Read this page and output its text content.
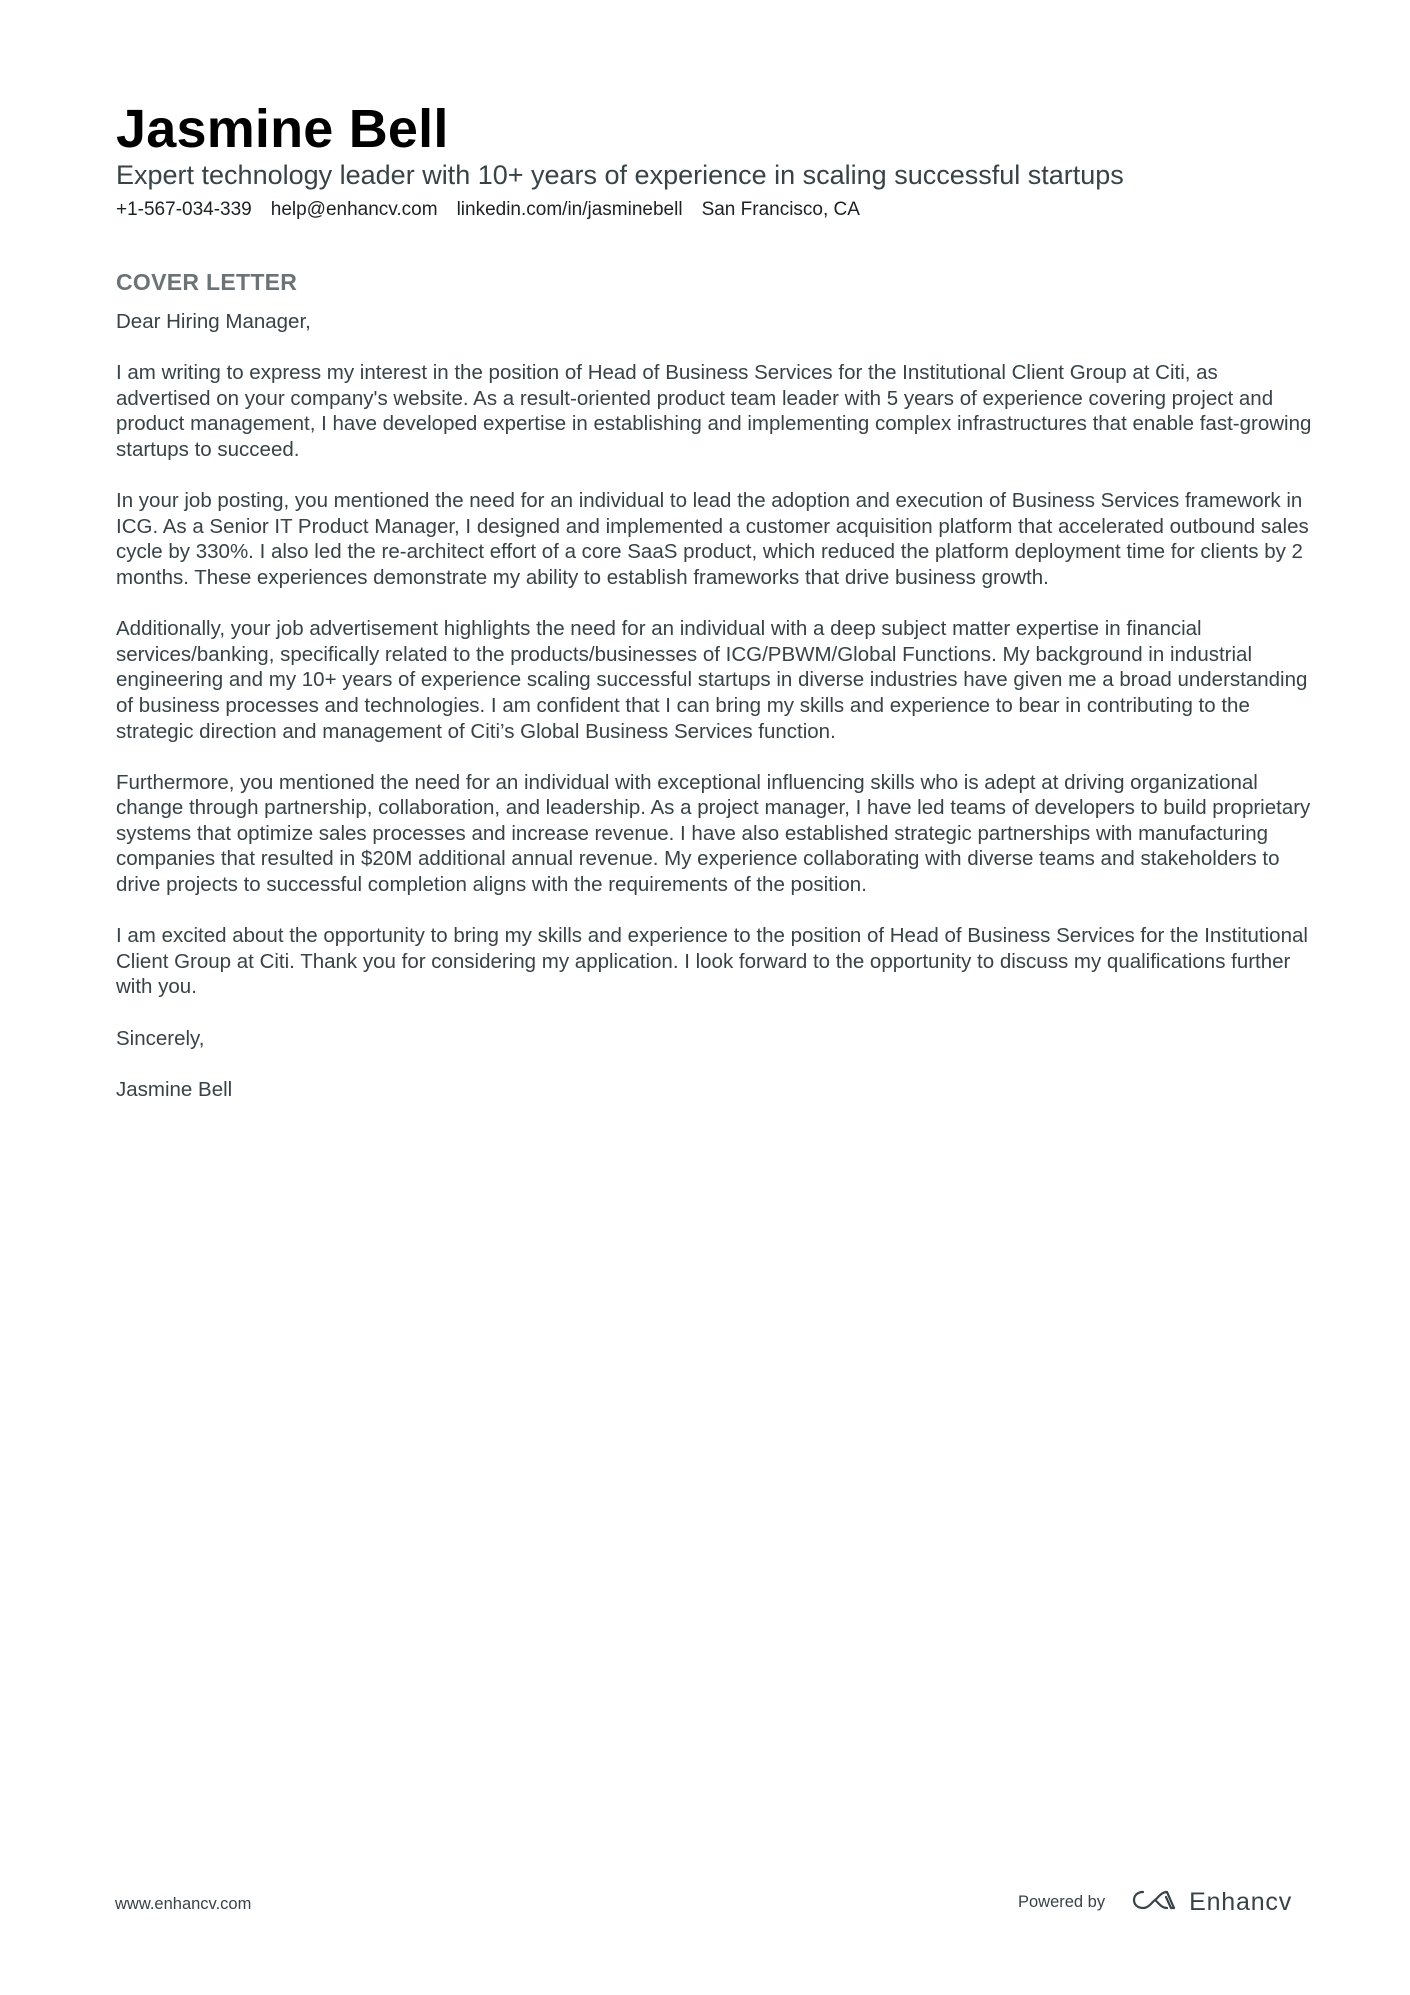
Jasmine Bell

Expert technology leader with 10+ years of experience in scaling successful startups

+1-567-034-339 help@enhancv.com linkedin.com/in/jasminebell San Francisco, CA
COVER LETTER

Dear Hiring Manager,

I am writing to express my interest in the position of Head of Business Services for the Institutional Client Group at Citi, as advertised on your company's website. As a result-oriented product team leader with 5 years of experience covering project and product management, I have developed expertise in establishing and implementing complex infrastructures that enable fast-growing startups to succeed.

In your job posting, you mentioned the need for an individual to lead the adoption and execution of Business Services framework in ICG. As a Senior IT Product Manager, I designed and implemented a customer acquisition platform that accelerated outbound sales cycle by 330%. I also led the re-architect effort of a core SaaS product, which reduced the platform deployment time for clients by 2 months. These experiences demonstrate my ability to establish frameworks that drive business growth.

Additionally, your job advertisement highlights the need for an individual with a deep subject matter expertise in financial services/banking, specifically related to the products/businesses of ICG/PBWM/Global Functions. My background in industrial engineering and my 10+ years of experience scaling successful startups in diverse industries have given me a broad understanding of business processes and technologies. I am confident that I can bring my skills and experience to bear in contributing to the strategic direction and management of Citi’s Global Business Services function.

Furthermore, you mentioned the need for an individual with exceptional influencing skills who is adept at driving organizational change through partnership, collaboration, and leadership. As a project manager, I have led teams of developers to build proprietary systems that optimize sales processes and increase revenue. I have also established strategic partnerships with manufacturing companies that resulted in $20M additional annual revenue. My experience collaborating with diverse teams and stakeholders to drive projects to successful completion aligns with the requirements of the position.

I am excited about the opportunity to bring my skills and experience to the position of Head of Business Services for the Institutional Client Group at Citi. Thank you for considering my application. I look forward to the opportunity to discuss my qualifications further with you.

Sincerely,

Jasmine Bell

www.enhancv.com	Powered by	Enhancv
